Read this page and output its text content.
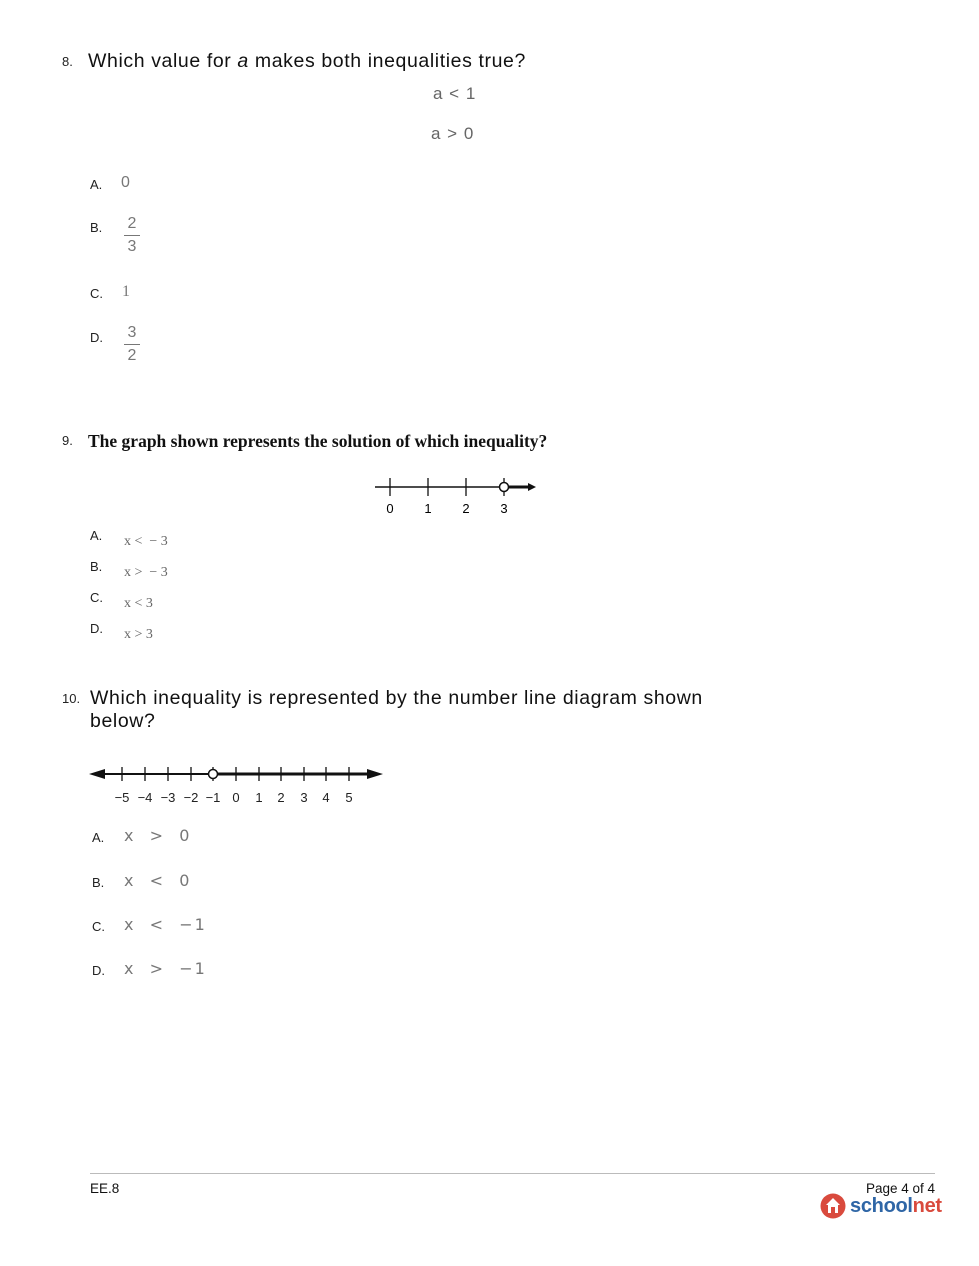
8. Which value for a makes both inequalities true?
a < 1
a > 0
A. 0
B. 2
3
C. 1
D. 3
2
9. The graph shown represents the solution of which inequality?
0 1 2 3
A. x <  − 3
B. x >  − 3
C. x < 3
D. x > 3
10. Which inequality is represented by the number line diagram shown
below?
−5 −4 −3 −2 −1 0 1 2 3 4 5
A. x  >  0
B. x  <  0
C. x  <  −1
D. x  >  −1
EE.8	Page 4 of 4
schoolnet
